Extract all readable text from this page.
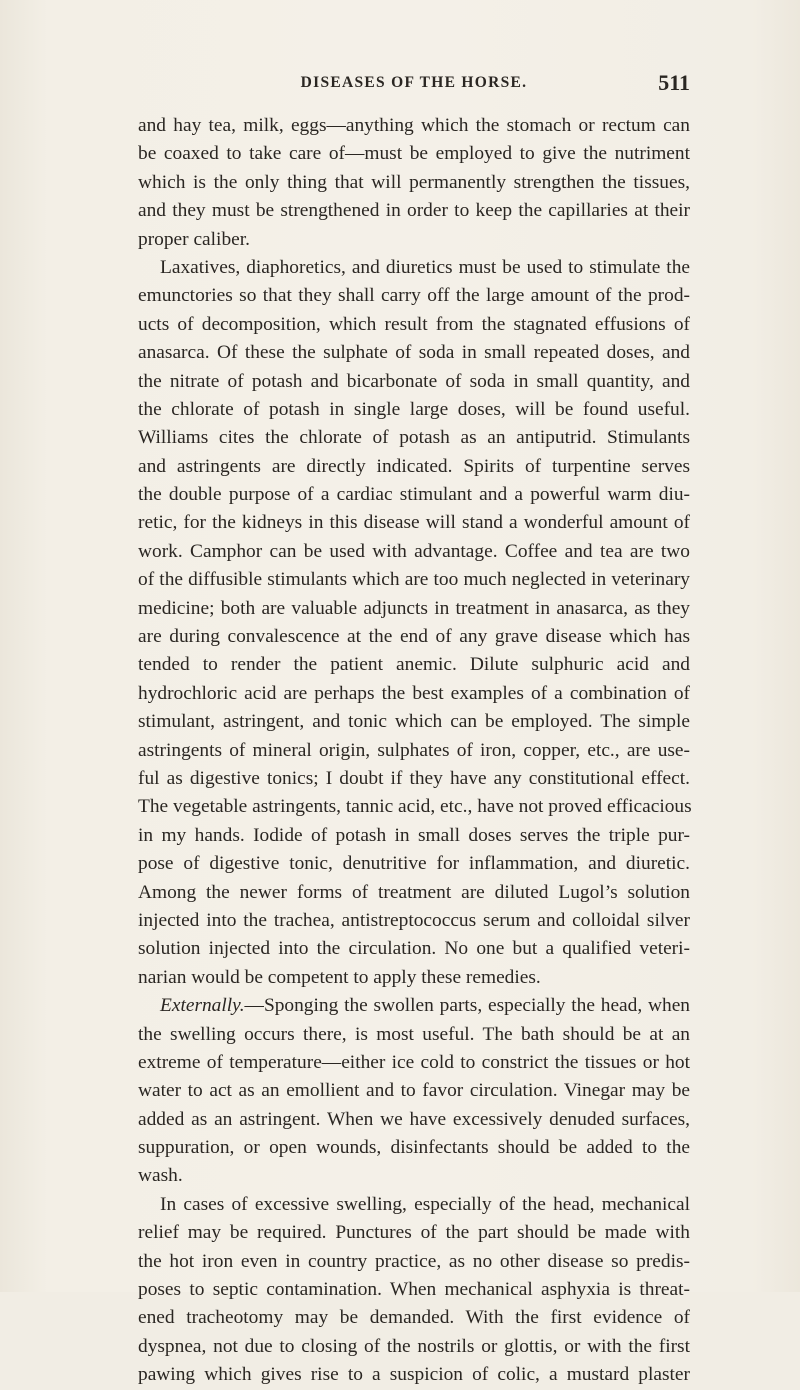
DISEASES OF THE HORSE.	511
and hay tea, milk, eggs—anything which the stomach or rectum can
be coaxed to take care of—must be employed to give the nutriment
which is the only thing that will permanently strengthen the tissues,
and they must be strengthened in order to keep the capillaries at their
proper caliber.
Laxatives, diaphoretics, and diuretics must be used to stimulate the
emunctories so that they shall carry off the large amount of the prod-
ucts of decomposition, which result from the stagnated effusions of
anasarca. Of these the sulphate of soda in small repeated doses, and
the nitrate of potash and bicarbonate of soda in small quantity, and
the chlorate of potash in single large doses, will be found useful.
Williams cites the chlorate of potash as an antiputrid. Stimulants
and astringents are directly indicated. Spirits of turpentine serves
the double purpose of a cardiac stimulant and a powerful warm diu-
retic, for the kidneys in this disease will stand a wonderful amount of
work. Camphor can be used with advantage. Coffee and tea are two
of the diffusible stimulants which are too much neglected in veterinary
medicine; both are valuable adjuncts in treatment in anasarca, as they
are during convalescence at the end of any grave disease which has
tended to render the patient anemic. Dilute sulphuric acid and
hydrochloric acid are perhaps the best examples of a combination of
stimulant, astringent, and tonic which can be employed. The simple
astringents of mineral origin, sulphates of iron, copper, etc., are use-
ful as digestive tonics; I doubt if they have any constitutional effect.
The vegetable astringents, tannic acid, etc., have not proved efficacious
in my hands. Iodide of potash in small doses serves the triple pur-
pose of digestive tonic, denutritive for inflammation, and diuretic.
Among the newer forms of treatment are diluted Lugol’s solution
injected into the trachea, antistreptococcus serum and colloidal silver
solution injected into the circulation. No one but a qualified veteri-
narian would be competent to apply these remedies.
Externally.—Sponging the swollen parts, especially the head, when
the swelling occurs there, is most useful. The bath should be at an
extreme of temperature—either ice cold to constrict the tissues or hot
water to act as an emollient and to favor circulation. Vinegar may be
added as an astringent. When we have excessively denuded surfaces,
suppuration, or open wounds, disinfectants should be added to the
wash.
In cases of excessive swelling, especially of the head, mechanical
relief may be required. Punctures of the part should be made with
the hot iron even in country practice, as no other disease so predis-
poses to septic contamination. When mechanical asphyxia is threat-
ened tracheotomy may be demanded. With the first evidence of
dyspnea, not due to closing of the nostrils or glottis, or with the first
pawing which gives rise to a suspicion of colic, a mustard plaster
